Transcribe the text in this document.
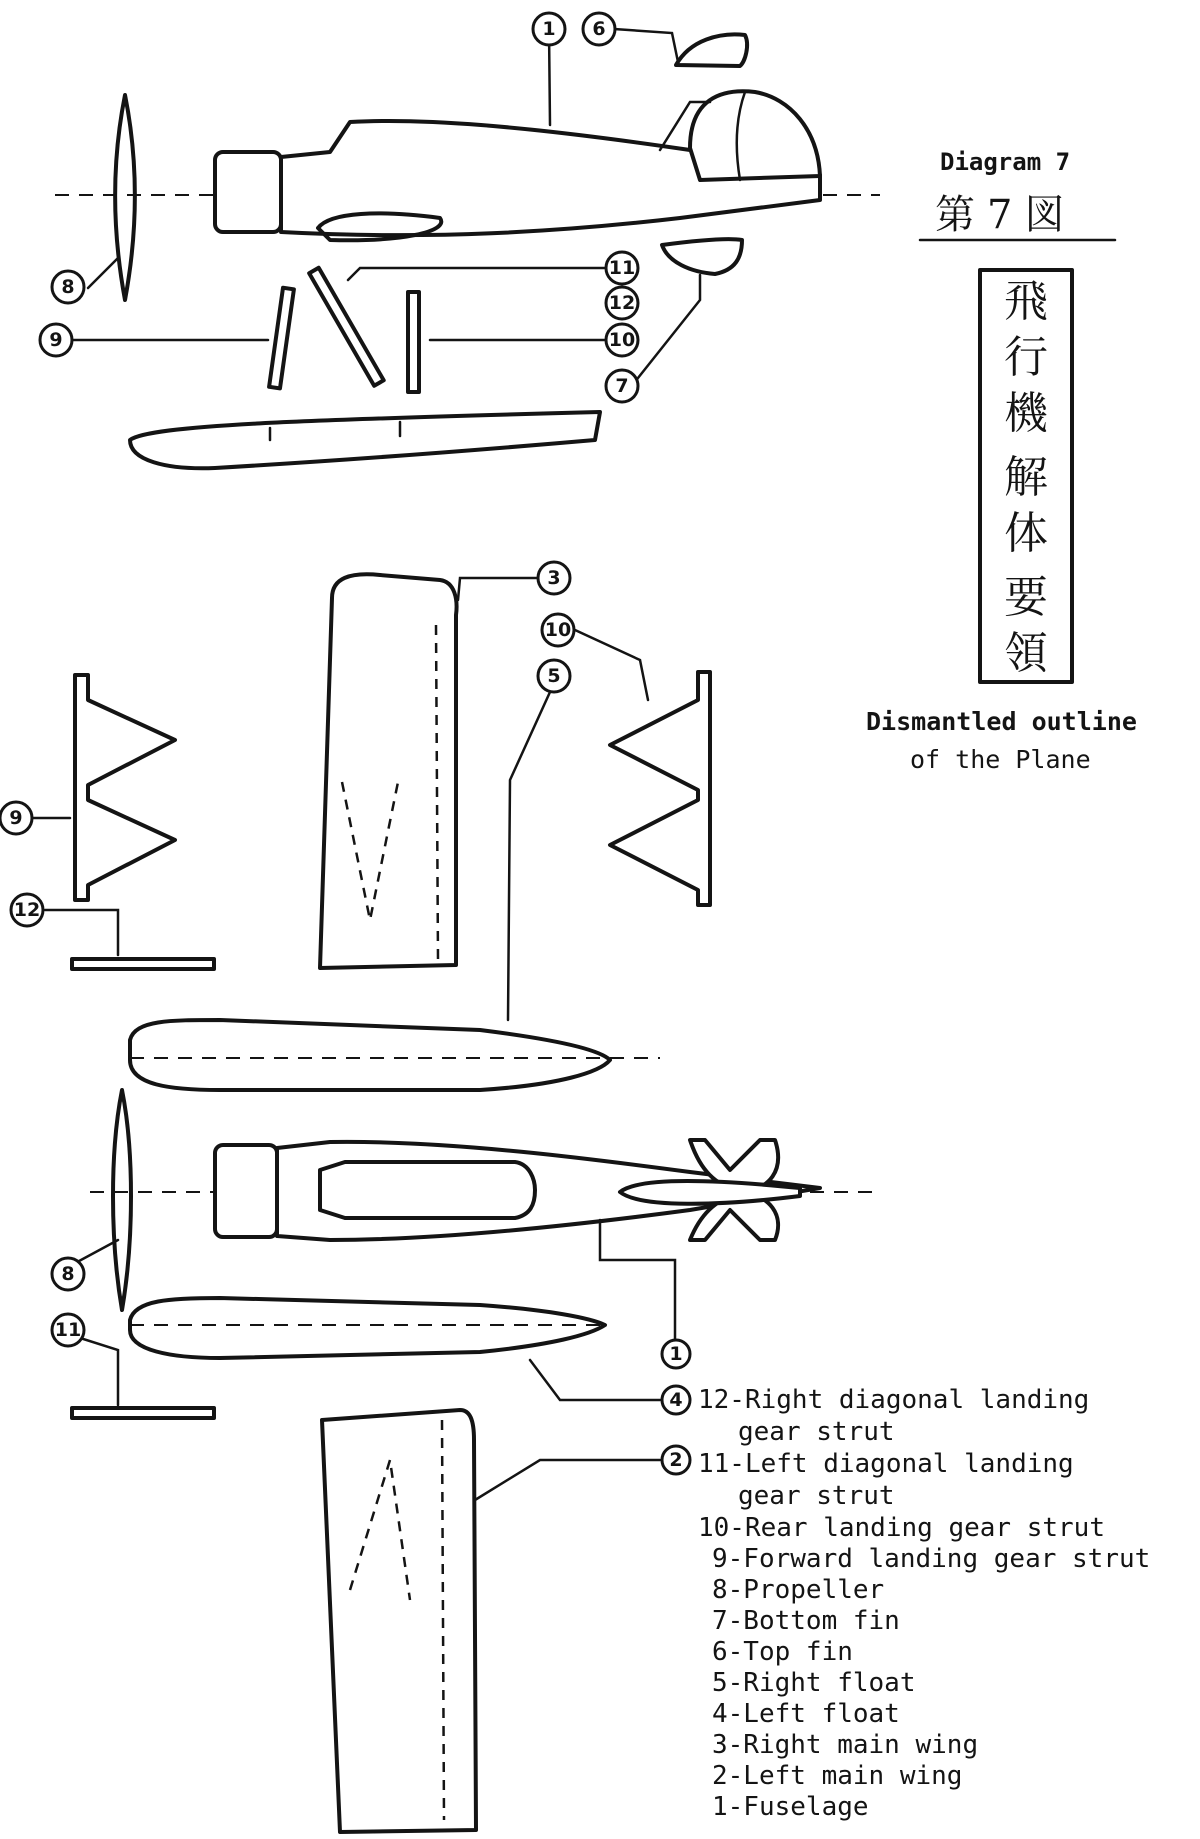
1 6
8
9
11
12
10
7
3
10
5
9
12
8
11
1
4
2
Diagram 7
第7図
飛
行
機
解
体
要
領
Dismantled outline
of the Plane
12-Right diagonal landing
gear strut
11-Left diagonal landing
gear strut
10-Rear landing gear strut
9-Forward landing gear strut
8-Propeller
7-Bottom fin
6-Top fin
5-Right float
4-Left float
3-Right main wing
2-Left main wing
1-Fuselage
